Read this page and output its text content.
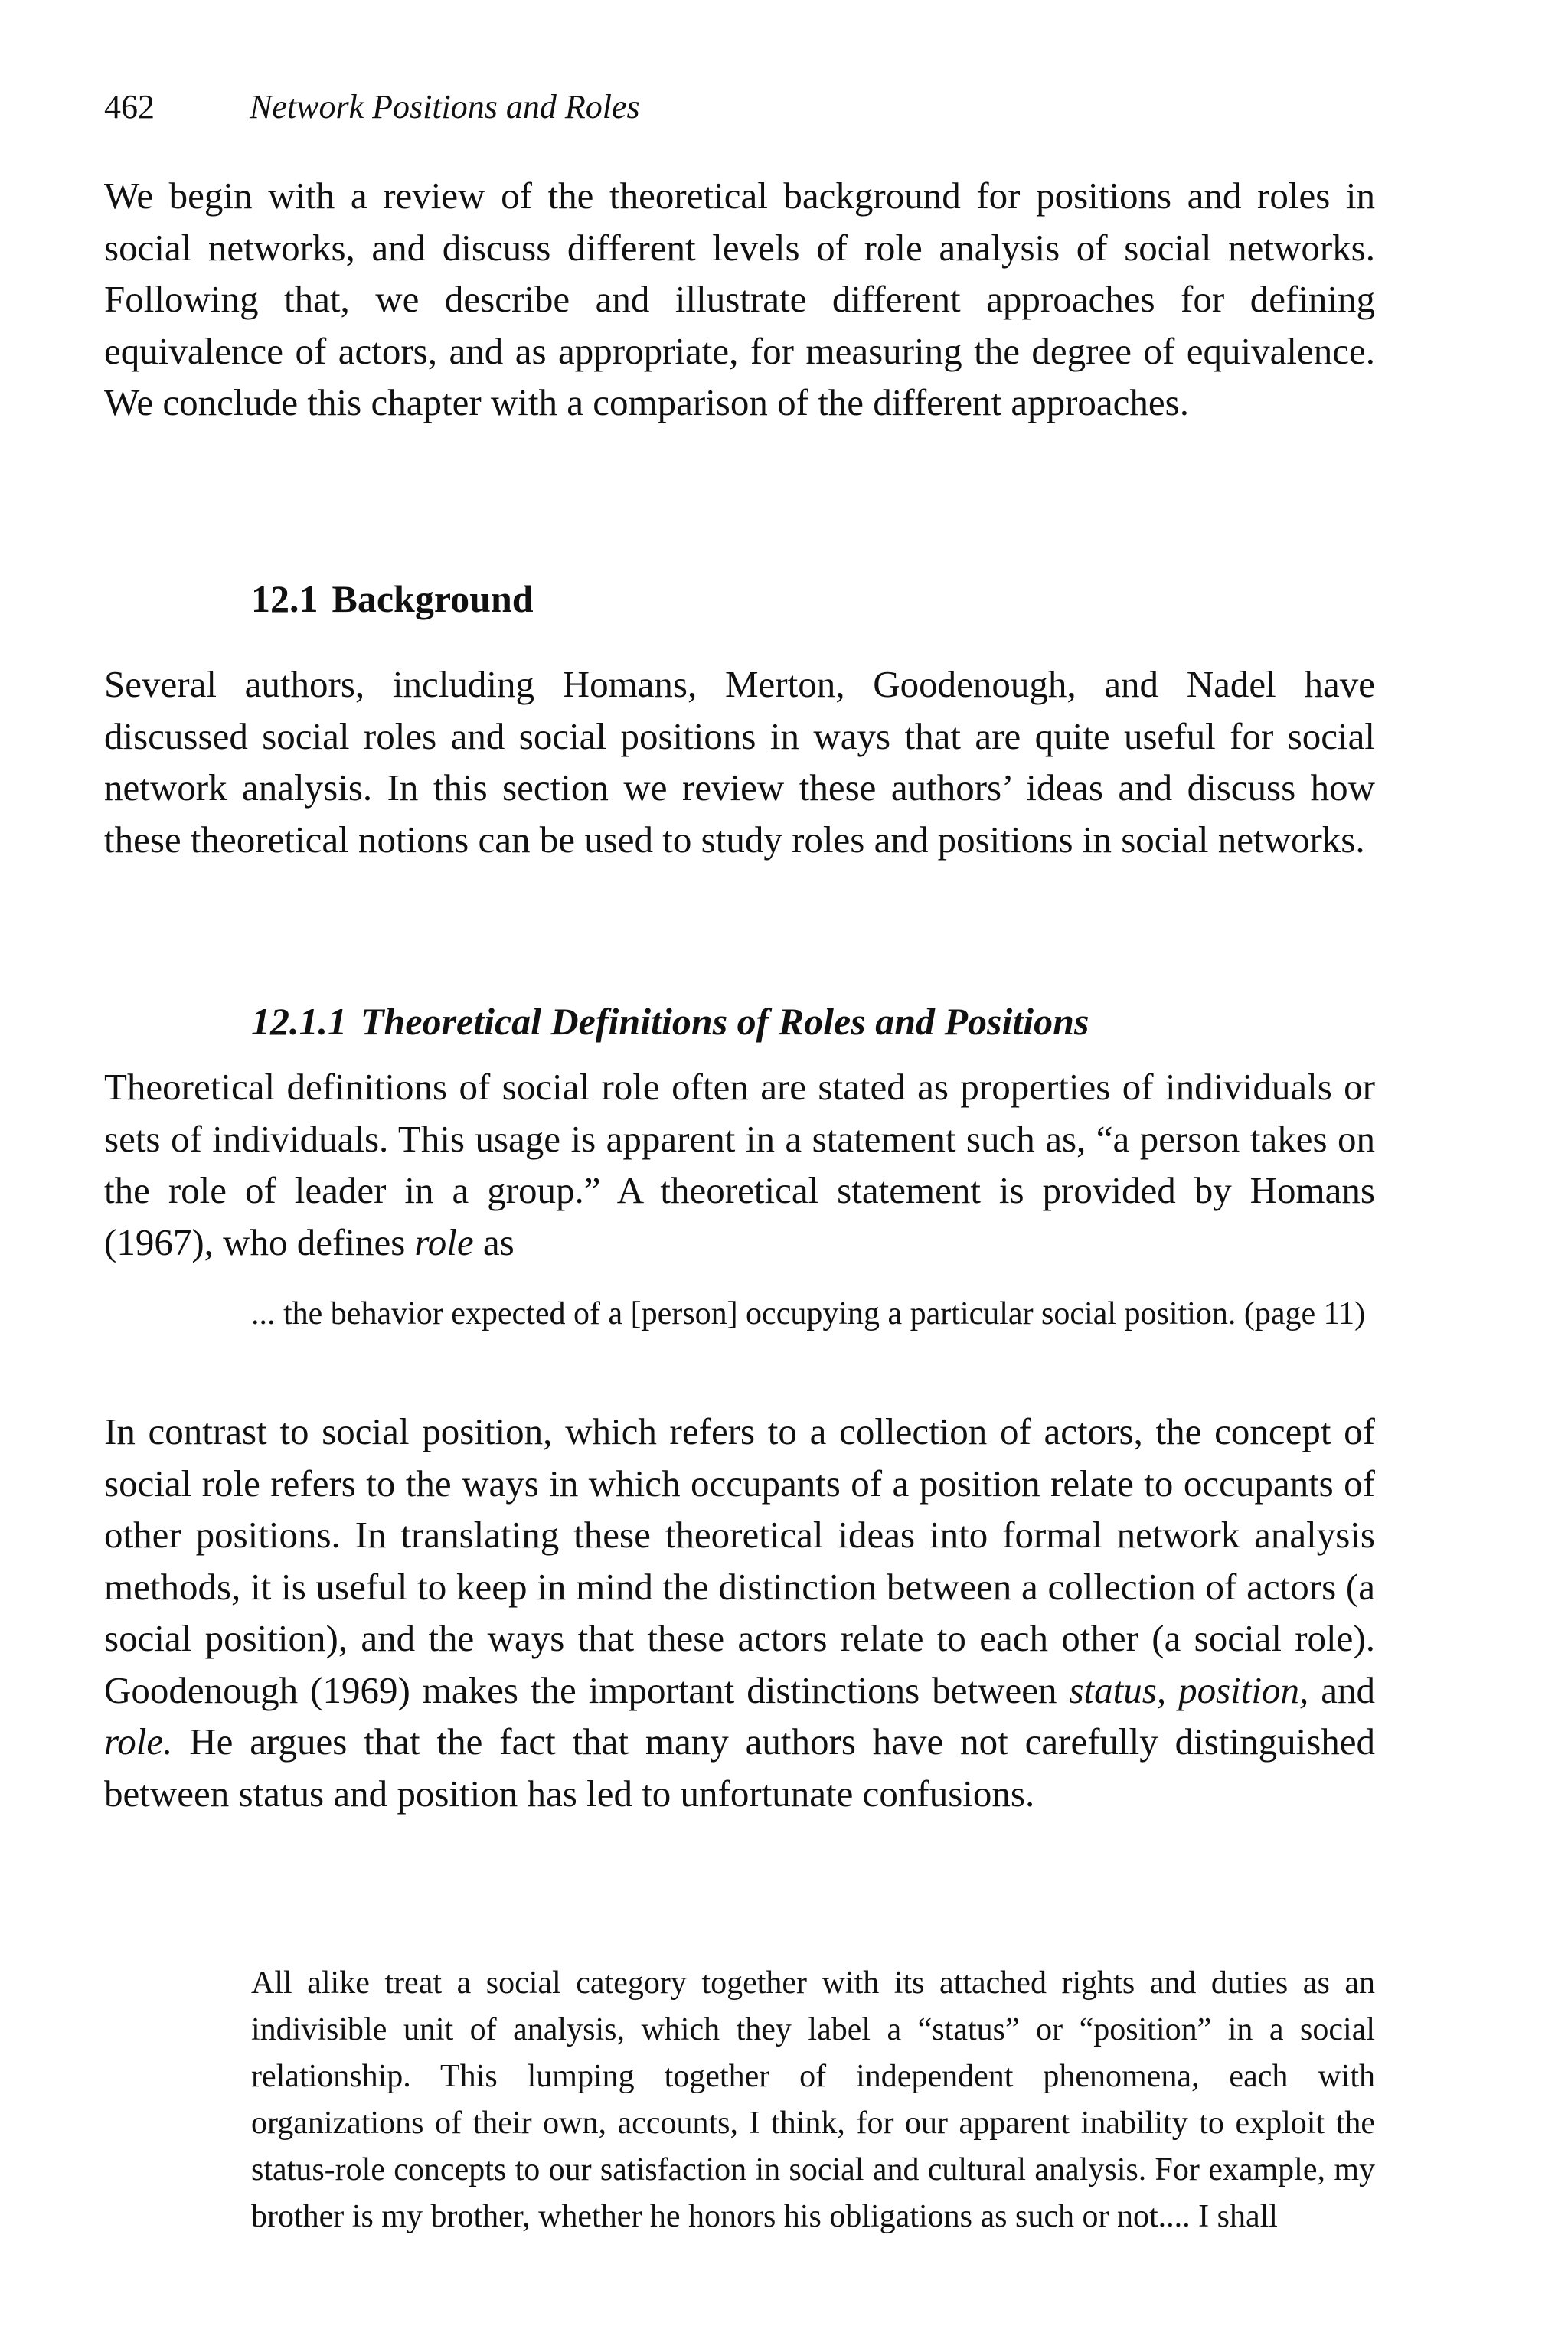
462	Network Positions and Roles

We begin with a review of the theoretical background for positions and roles in social networks, and discuss different levels of role analysis of social networks. Following that, we describe and illustrate different approaches for defining equivalence of actors, and as appropriate, for measuring the degree of equivalence. We conclude this chapter with a comparison of the different approaches.

12.1 Background

Several authors, including Homans, Merton, Goodenough, and Nadel have discussed social roles and social positions in ways that are quite useful for social network analysis. In this section we review these authors’ ideas and discuss how these theoretical notions can be used to study roles and positions in social networks.

12.1.1 Theoretical Definitions of Roles and Positions

Theoretical definitions of social role often are stated as properties of individuals or sets of individuals. This usage is apparent in a statement such as, “a person takes on the role of leader in a group.” A theoretical statement is provided by Homans (1967), who defines role as

... the behavior expected of a [person] occupying a particular social position. (page 11)

In contrast to social position, which refers to a collection of actors, the concept of social role refers to the ways in which occupants of a position relate to occupants of other positions. In translating these theoretical ideas into formal network analysis methods, it is useful to keep in mind the distinction between a collection of actors (a social position), and the ways that these actors relate to each other (a social role). Goodenough (1969) makes the important distinctions between status, position, and role. He argues that the fact that many authors have not carefully distinguished between status and position has led to unfortunate confusions.

All alike treat a social category together with its attached rights and duties as an indivisible unit of analysis, which they label a “status” or “position” in a social relationship. This lumping together of independent phenomena, each with organizations of their own, accounts, I think, for our apparent inability to exploit the status-role concepts to our satisfaction in social and cultural analysis. For example, my brother is my brother, whether he honors his obligations as such or not.... I shall
